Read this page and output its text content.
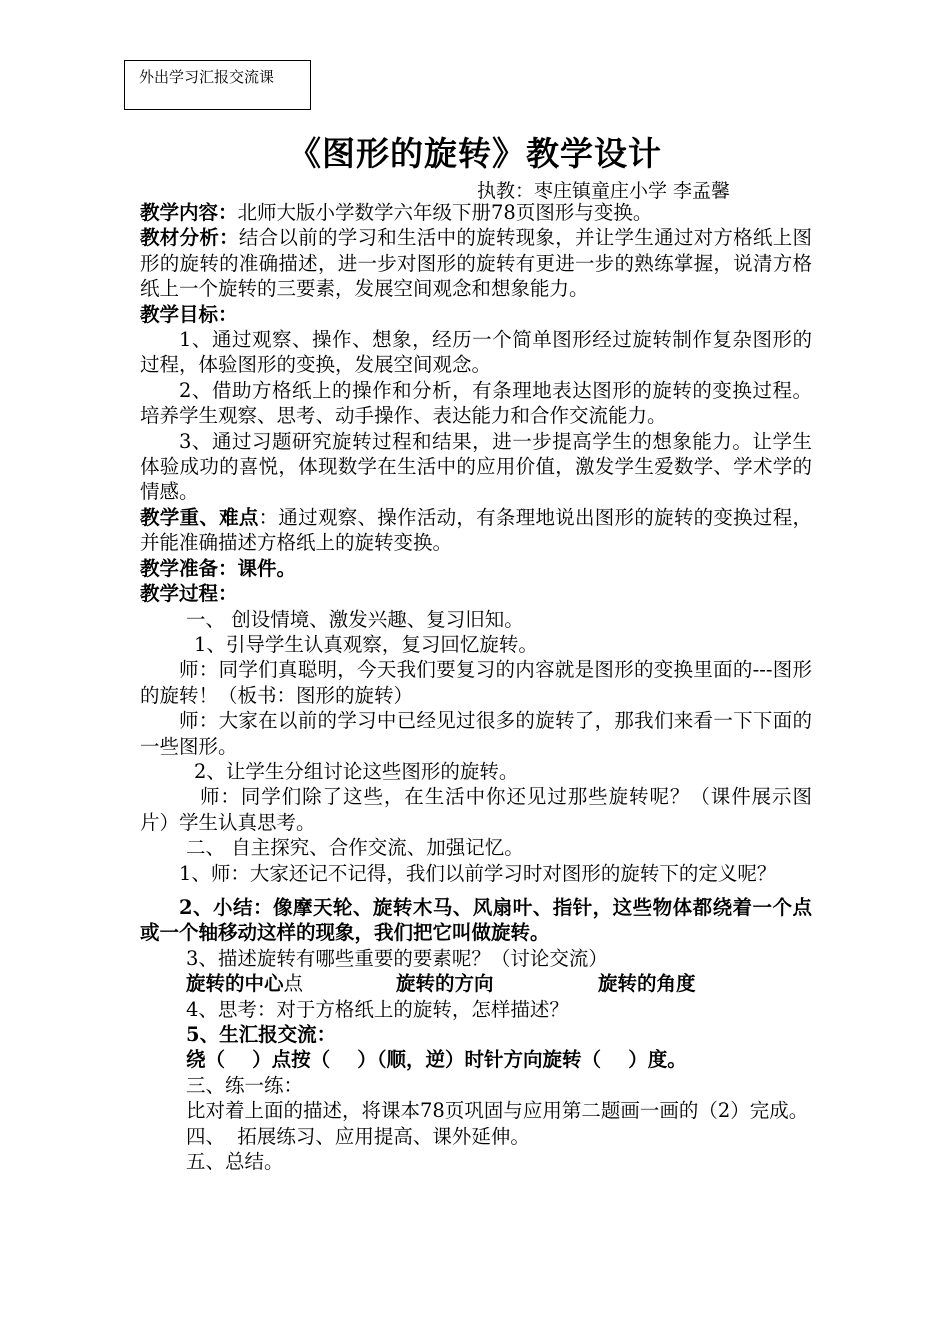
外出学习汇报交流课
《图形的旋转》教学设计
执教：枣庄镇童庄小学 李孟馨

教学内容：北师大版小学数学六年级下册78页图形与变换。

教材分析：结合以前的学习和生活中的旋转现象，并让学生通过对方格纸上图形的旋转的准确描述，进一步对图形的旋转有更进一步的熟练掌握，说清方格纸上一个旋转的三要素，发展空间观念和想象能力。

教学目标：

1、通过观察、操作、想象，经历一个简单图形经过旋转制作复杂图形的过程，体验图形的变换，发展空间观念。

2、借助方格纸上的操作和分析，有条理地表达图形的旋转的变换过程。培养学生观察、思考、动手操作、表达能力和合作交流能力。

3、通过习题研究旋转过程和结果，进一步提高学生的想象能力。让学生体验成功的喜悦，体现数学在生活中的应用价值，激发学生爱数学、学术学的情感。

教学重、难点：通过观察、操作活动，有条理地说出图形的旋转的变换过程，并能准确描述方格纸上的旋转变换。

教学准备：课件。

教学过程：

一、 创设情境、激发兴趣、复习旧知。

1、引导学生认真观察，复习回忆旋转。

师：同学们真聪明，今天我们要复习的内容就是图形的变换里面的---图形的旋转！（板书：图形的旋转）

师：大家在以前的学习中已经见过很多的旋转了，那我们来看一下下面的一些图形。

2、让学生分组讨论这些图形的旋转。

师：同学们除了这些，在生活中你还见过那些旋转呢？（课件展示图片）学生认真思考。

二、 自主探究、合作交流、加强记忆。

1、师：大家还记不记得，我们以前学习时对图形的旋转下的定义呢？

2、小结：像摩天轮、旋转木马、风扇叶、指针，这些物体都绕着一个点或一个轴移动这样的现象，我们把它叫做旋转。

3、描述旋转有哪些重要的要素呢？（讨论交流）

旋转的中心点	旋转的方向	旋转的角度

4、思考：对于方格纸上的旋转，怎样描述？

5、生汇报交流：

绕（    ）点按（    ）（顺，逆）时针方向旋转（    ）度。

三、练一练：

比对着上面的描述，将课本78页巩固与应用第二题画一画的（2）完成。

四、  拓展练习、应用提高、课外延伸。

五、总结。
